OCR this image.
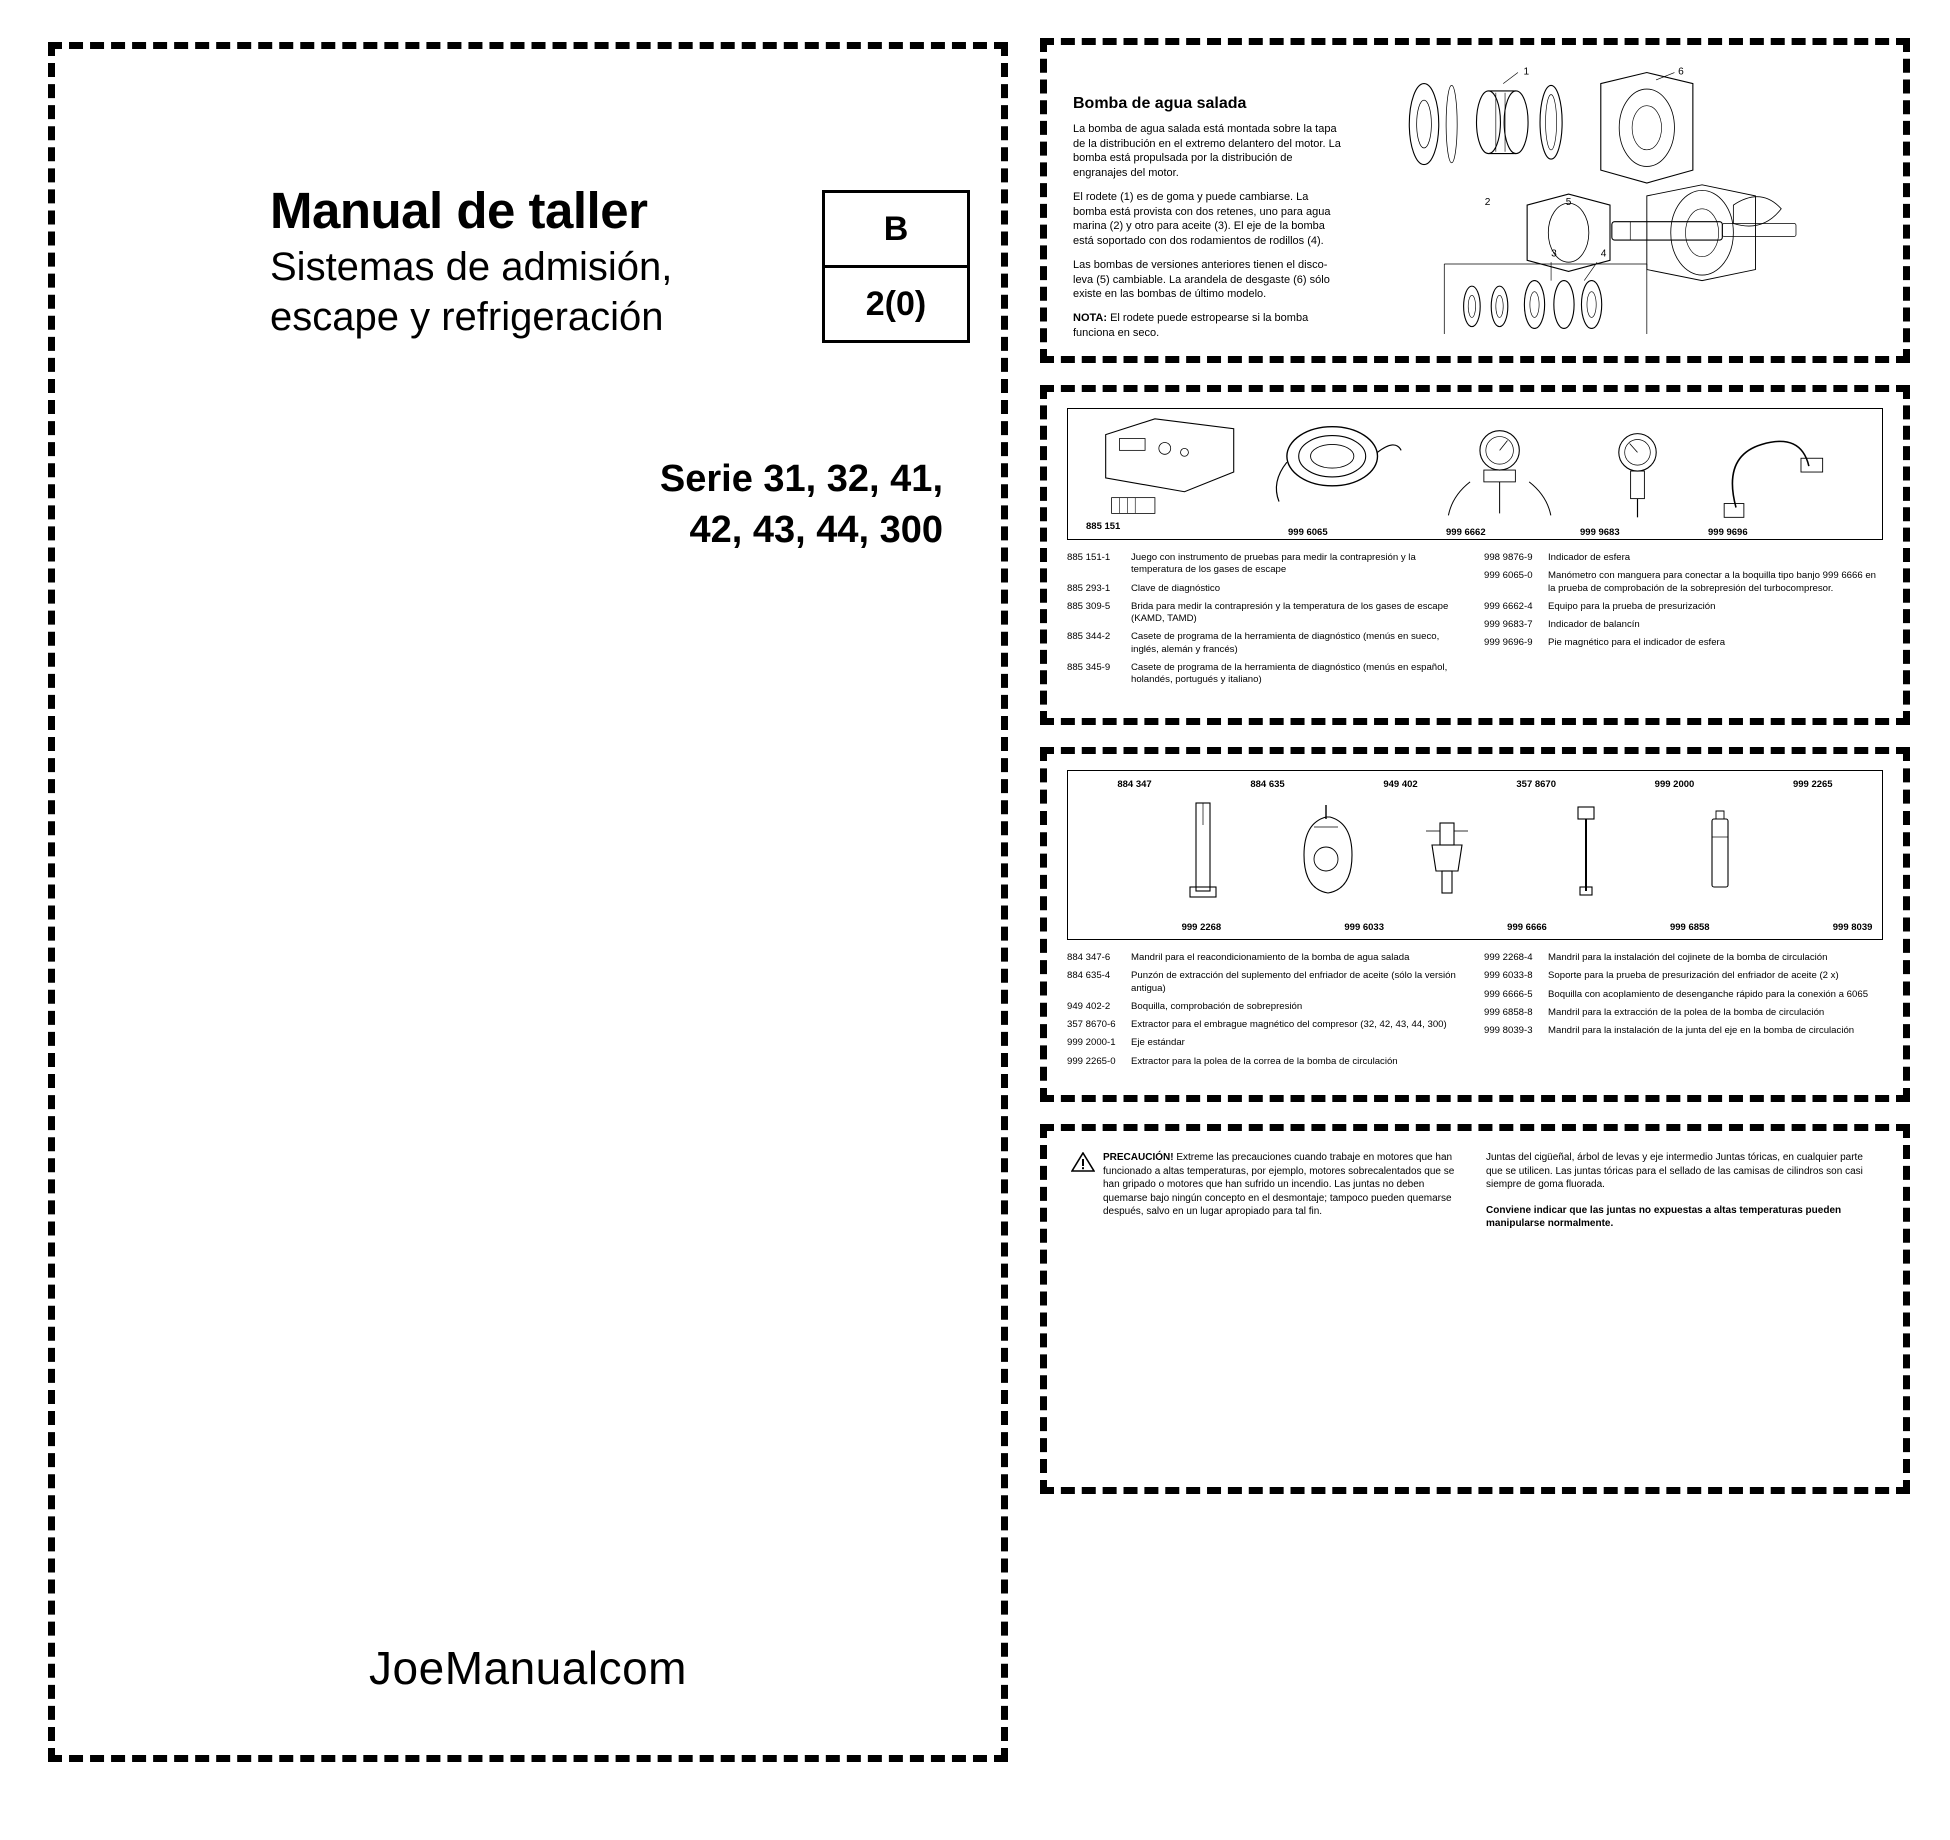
Manual de taller
Sistemas de admisión,
escape y refrigeración
B
2(0)
Serie 31, 32, 41,
42, 43, 44, 300
JoeManualcom
Bomba de agua salada
La bomba de agua salada está montada sobre la tapa de la distribución en el extremo delantero del motor. La bomba está propulsada por la distribución de engranajes del motor.
El rodete (1) es de goma y puede cambiarse. La bomba está provista con dos retenes, uno para agua marina (2) y otro para aceite (3). El eje de la bomba está soportado con dos rodamientos de rodillos (4).
Las bombas de versiones anteriores tienen el disco-leva (5) cambiable. La arandela de desgaste (6) sólo existe en las bombas de último modelo.
NOTA: El rodete puede estropearse si la bomba funciona en seco.
1	6
2	5
3	4
885 151
999 6065	999 6662	999 9683	999 9696
885 151-1	Juego con instrumento de pruebas para medir la contrapresión y la temperatura de los gases de escape
885 293-1	Clave de diagnóstico
885 309-5	Brida para medir la contrapresión y la temperatura de los gases de escape (KAMD, TAMD)
885 344-2	Casete de programa de la herramienta de diagnóstico (menús en sueco, inglés, alemán y francés)
885 345-9	Casete de programa de la herramienta de diagnóstico (menús en español, holandés, portugués y italiano)
998 9876-9	Indicador de esfera
999 6065-0	Manómetro con manguera para conectar a la boquilla tipo banjo 999 6666 en la prueba de comprobación de la sobrepresión del turbocompresor.
999 6662-4	Equipo para la prueba de presurización
999 9683-7	Indicador de balancín
999 9696-9	Pie magnético para el indicador de esfera
884 347	884 635	949 402	357 8670	999 2000	999 2265
999 2268	999 6033	999 6666	999 6858	999 8039
884 347-6	Mandril para el reacondicionamiento de la bomba de agua salada
884 635-4	Punzón de extracción del suplemento del enfriador de aceite (sólo la versión antigua)
949 402-2	Boquilla, comprobación de sobrepresión
357 8670-6	Extractor para el embrague magnético del compresor (32, 42, 43, 44, 300)
999 2000-1	Eje estándar
999 2265-0	Extractor para la polea de la correa de la bomba de circulación
999 2268-4	Mandril para la instalación del cojinete de la bomba de circulación
999 6033-8	Soporte para la prueba de presurización del enfriador de aceite (2 x)
999 6666-5	Boquilla con acoplamiento de desenganche rápido para la conexión a 6065
999 6858-8	Mandril para la extracción de la polea de la bomba de circulación
999 8039-3	Mandril para la instalación de la junta del eje en la bomba de circulación
PRECAUCIÓN! Extreme las precauciones cuando trabaje en motores que han funcionado a altas temperaturas, por ejemplo, motores sobrecalentados que se han gripado o motores que han sufrido un incendio. Las juntas no deben quemarse bajo ningún concepto en el desmontaje; tampoco pueden quemarse después, salvo en un lugar apropiado para tal fin.
Juntas del cigüeñal, árbol de levas y eje intermedio Juntas tóricas, en cualquier parte que se utilicen. Las juntas tóricas para el sellado de las camisas de cilindros son casi siempre de goma fluorada.
Conviene indicar que las juntas no expuestas a altas temperaturas pueden manipularse normalmente.
